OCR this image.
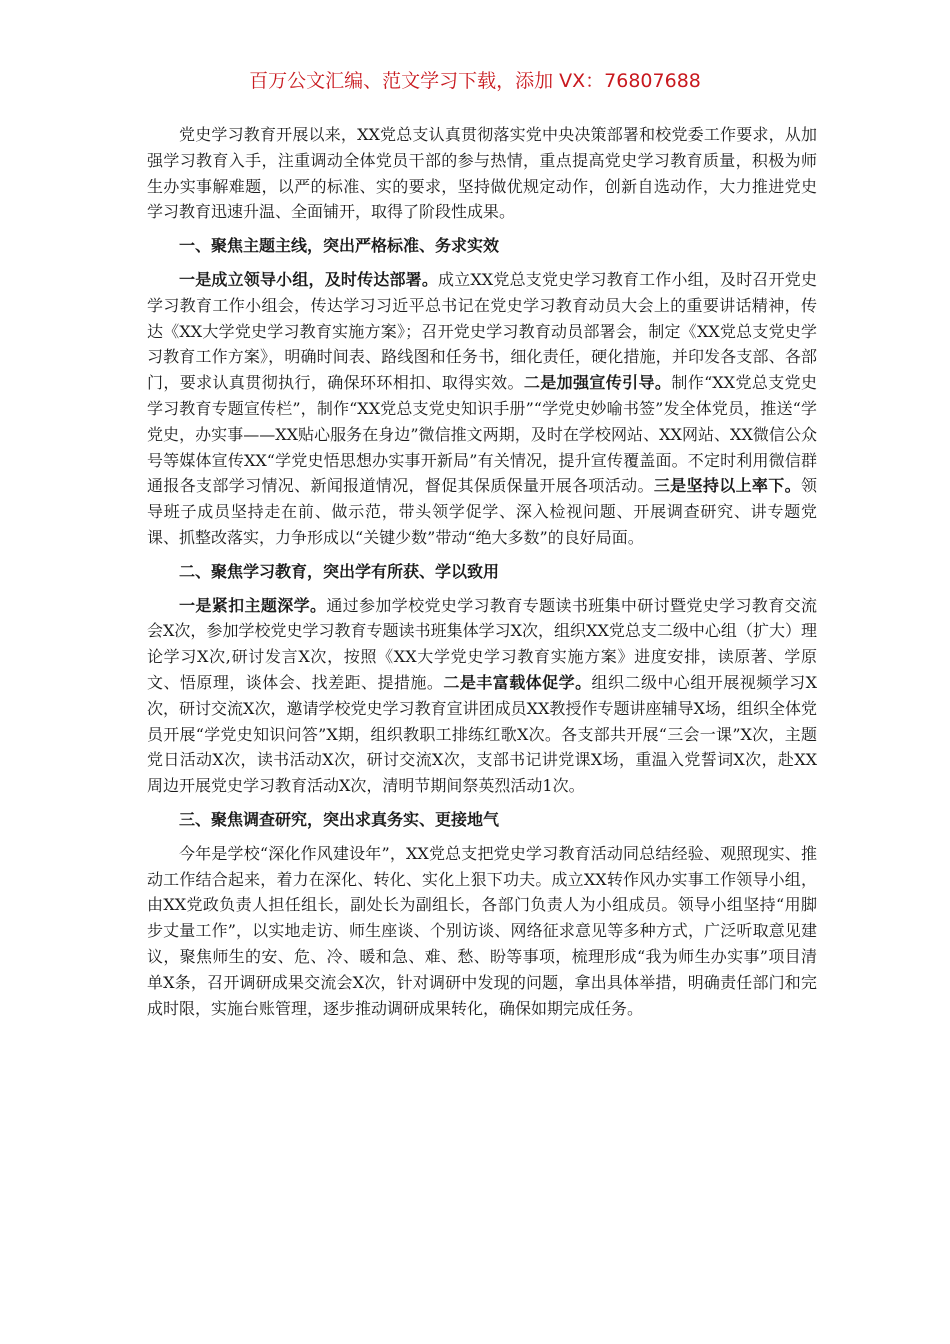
百万公文汇编、范文学习下载，添加 VX：76807688

党史学习教育开展以来，XX党总支认真贯彻落实党中央决策部署和校党委工作要求，从加强学习教育入手，注重调动全体党员干部的参与热情，重点提高党史学习教育质量，积极为师生办实事解难题，以严的标准、实的要求，坚持做优规定动作，创新自选动作，大力推进党史学习教育迅速升温、全面铺开，取得了阶段性成果。

一、聚焦主题主线，突出严格标准、务求实效

一是成立领导小组，及时传达部署。成立XX党总支党史学习教育工作小组，及时召开党史学习教育工作小组会，传达学习习近平总书记在党史学习教育动员大会上的重要讲话精神，传达《XX大学党史学习教育实施方案》；召开党史学习教育动员部署会，制定《XX党总支党史学习教育工作方案》，明确时间表、路线图和任务书，细化责任，硬化措施，并印发各支部、各部门，要求认真贯彻执行，确保环环相扣、取得实效。二是加强宣传引导。制作“XX党总支党史学习教育专题宣传栏”，制作“XX党总支党史知识手册”“学党史妙喻书签”发全体党员，推送“学党史，办实事——XX贴心服务在身边”微信推文两期，及时在学校网站、XX网站、XX微信公众号等媒体宣传XX“学党史悟思想办实事开新局”有关情况，提升宣传覆盖面。不定时利用微信群通报各支部学习情况、新闻报道情况，督促其保质保量开展各项活动。三是坚持以上率下。领导班子成员坚持走在前、做示范，带头领学促学、深入检视问题、开展调查研究、讲专题党课、抓整改落实，力争形成以“关键少数”带动“绝大多数”的良好局面。

二、聚焦学习教育，突出学有所获、学以致用

一是紧扣主题深学。通过参加学校党史学习教育专题读书班集中研讨暨党史学习教育交流会X次，参加学校党史学习教育专题读书班集体学习X次，组织XX党总支二级中心组（扩大）理论学习X次,研讨发言X次，按照《XX大学党史学习教育实施方案》进度安排，读原著、学原文、悟原理，谈体会、找差距、提措施。二是丰富载体促学。组织二级中心组开展视频学习X次，研讨交流X次，邀请学校党史学习教育宣讲团成员XX教授作专题讲座辅导X场，组织全体党员开展“学党史知识问答”X期，组织教职工排练红歌X次。各支部共开展“三会一课”X次，主题党日活动X次，读书活动X次，研讨交流X次，支部书记讲党课X场，重温入党誓词X次，赴XX周边开展党史学习教育活动X次，清明节期间祭英烈活动1次。

三、聚焦调查研究，突出求真务实、更接地气

今年是学校“深化作风建设年”，XX党总支把党史学习教育活动同总结经验、观照现实、推动工作结合起来，着力在深化、转化、实化上狠下功夫。成立XX转作风办实事工作领导小组，由XX党政负责人担任组长，副处长为副组长，各部门负责人为小组成员。领导小组坚持“用脚步丈量工作”，以实地走访、师生座谈、个别访谈、网络征求意见等多种方式，广泛听取意见建议，聚焦师生的安、危、冷、暖和急、难、愁、盼等事项，梳理形成“我为师生办实事”项目清单X条，召开调研成果交流会X次，针对调研中发现的问题，拿出具体举措，明确责任部门和完成时限，实施台账管理，逐步推动调研成果转化，确保如期完成任务。
